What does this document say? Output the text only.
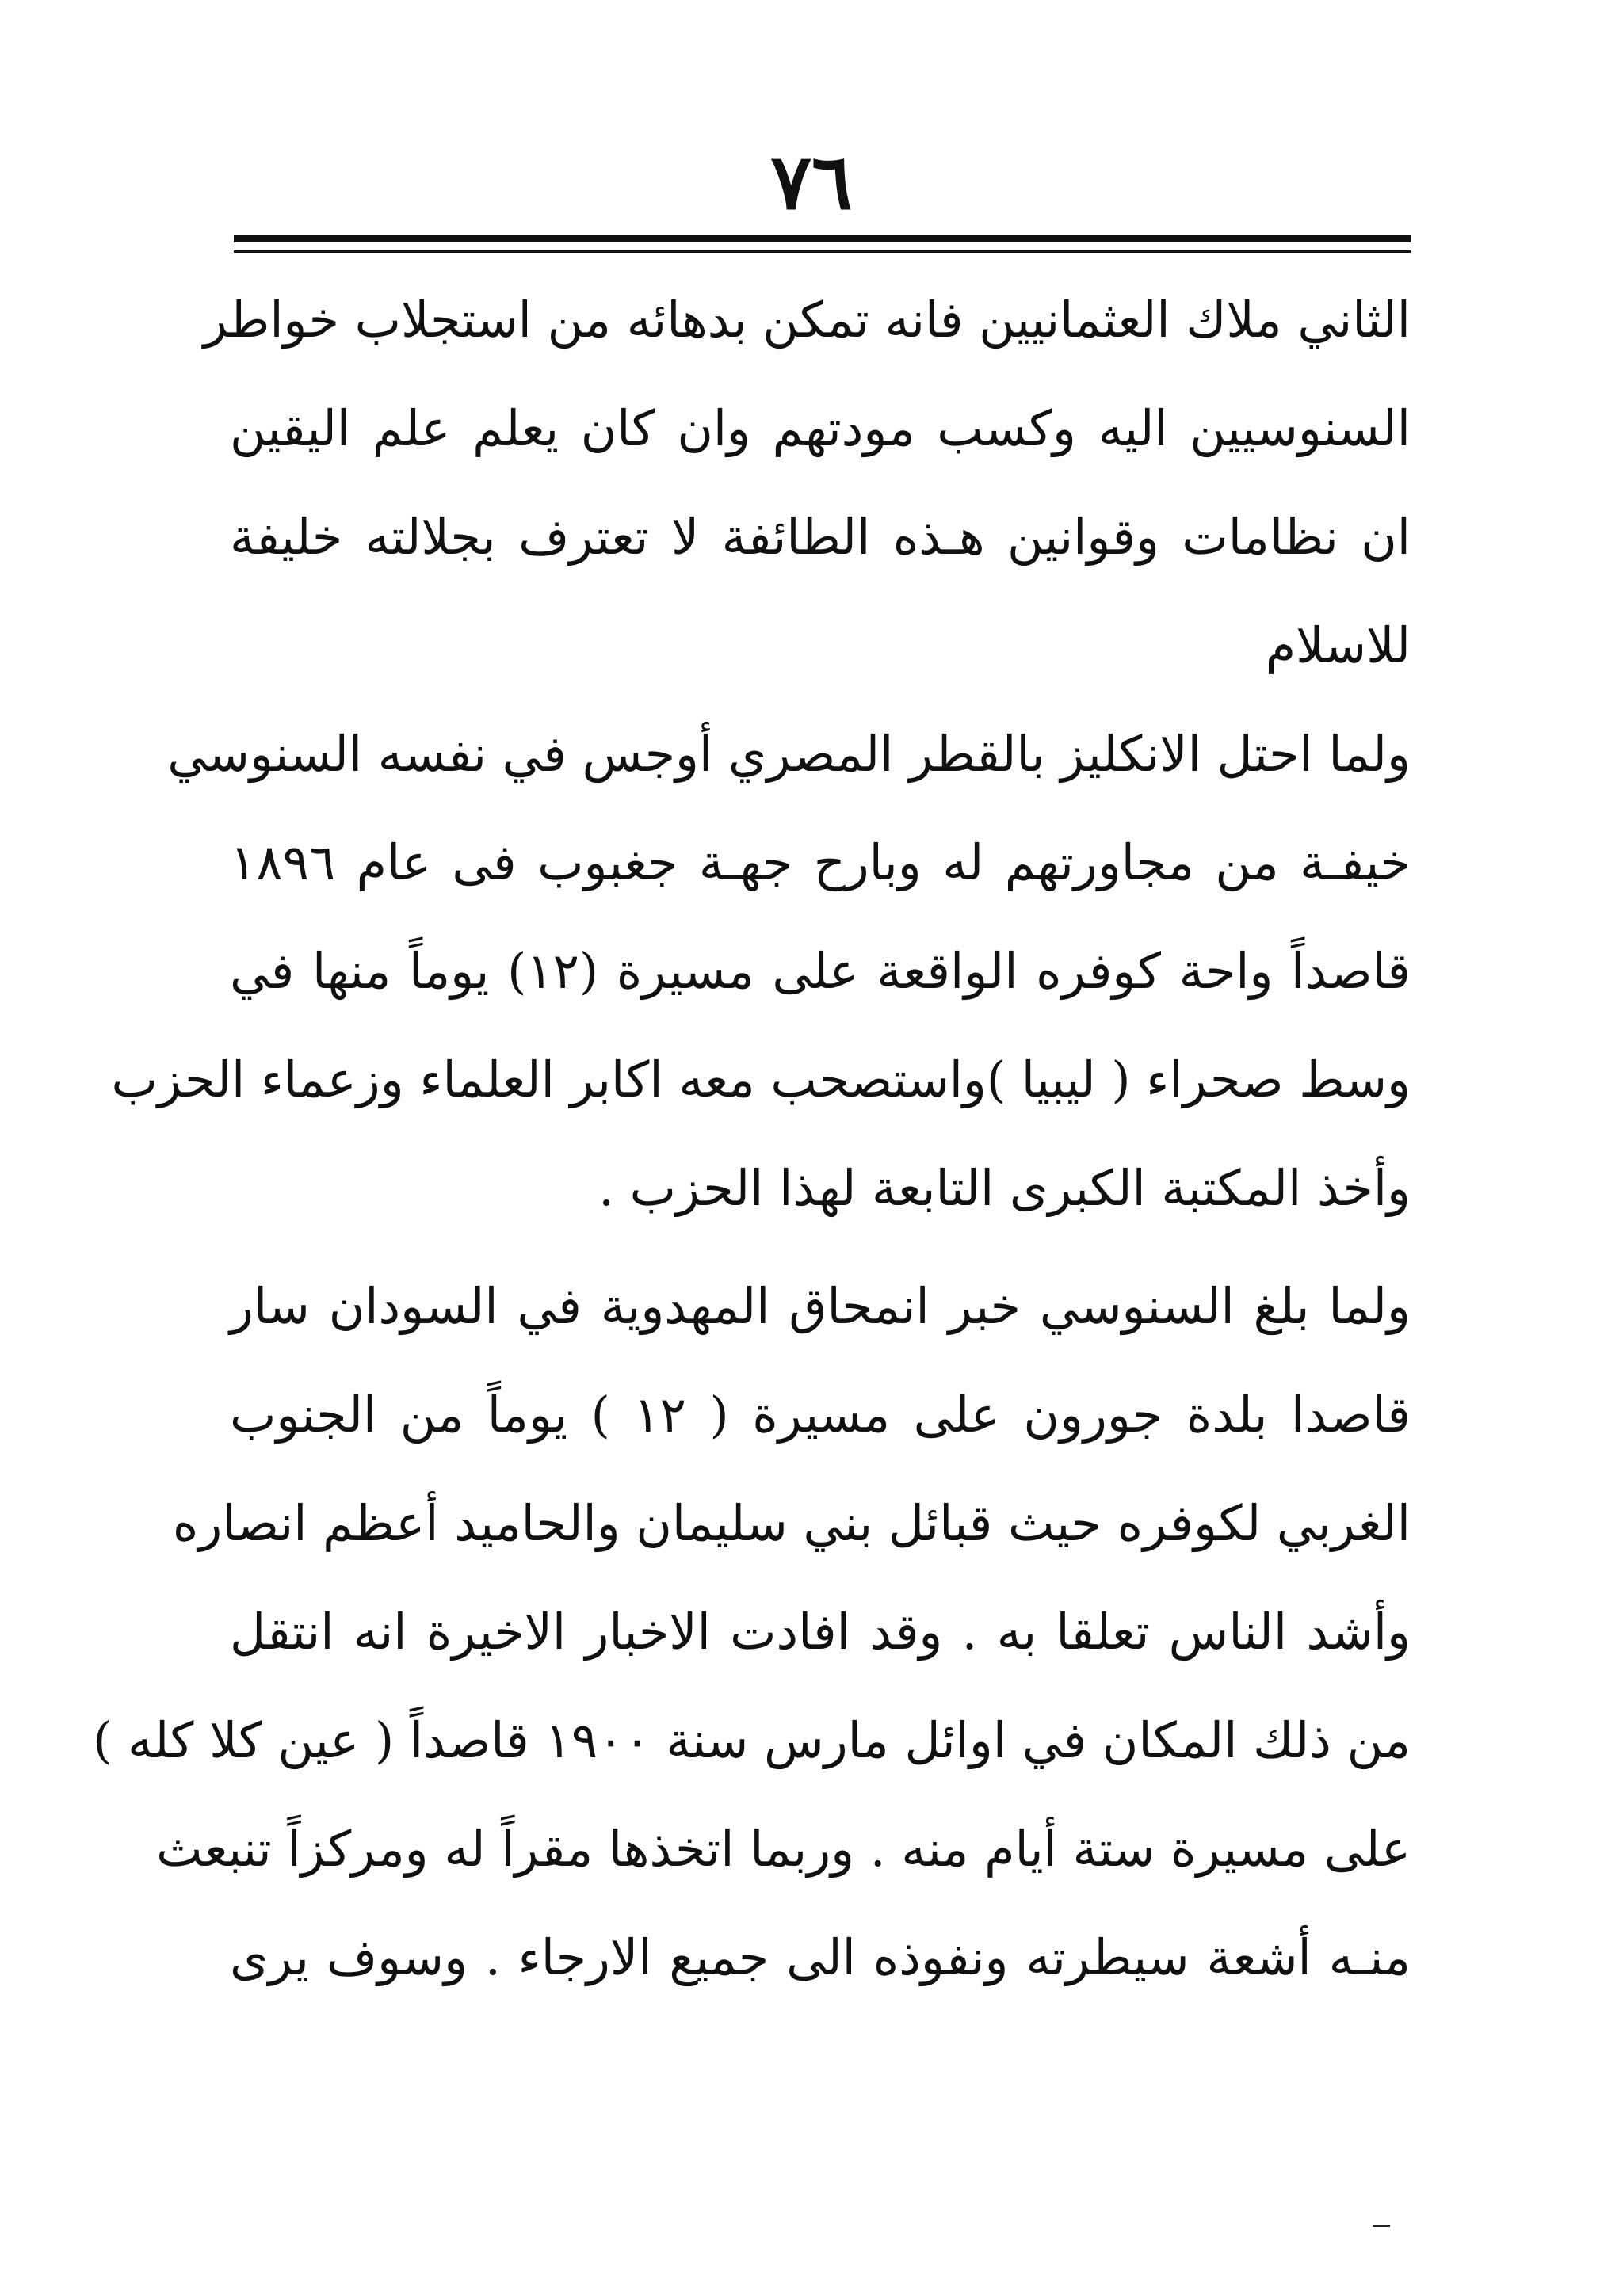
٧٦
الثاني ملاك العثمانيين فانه تمكن بدهائه من استجلاب خواطر
السنوسيين اليه وكسب مودتهم وان كان يعلم علم اليقين
ان نظامات وقوانين هـذه الطائفة لا تعترف بجلالته خليفة
للاسلام
ولما احتل الانكليز بالقطر المصري أوجس في نفسه السنوسي
خيفـة من مجاورتهم له وبارح جهـة جغبوب فى عام ١٨٩٦
قاصداً واحة كوفره الواقعة على مسيرة (١٢) يوماً منها في
وسط صحراء ( ليبيا )واستصحب معه اكابر العلماء وزعماء الحزب
وأخذ المكتبة الكبرى التابعة لهذا الحزب .
ولما بلغ السنوسي خبر انمحاق المهدوية في السودان سار
قاصدا بلدة جورون على مسيرة ( ١٢ ) يوماً من الجنوب
الغربي لكوفره حيث قبائل بني سليمان والحاميد أعظم انصاره
وأشد الناس تعلقا به . وقد افادت الاخبار الاخيرة انه انتقل
من ذلك المكان في اوائل مارس سنة ١٩٠٠ قاصداً ( عين كلا كله )
على مسيرة ستة أيام منه . وربما اتخذها مقراً له ومركزاً تنبعث
منـه أشعة سيطرته ونفوذه الى جميع الارجاء . وسوف يرى
